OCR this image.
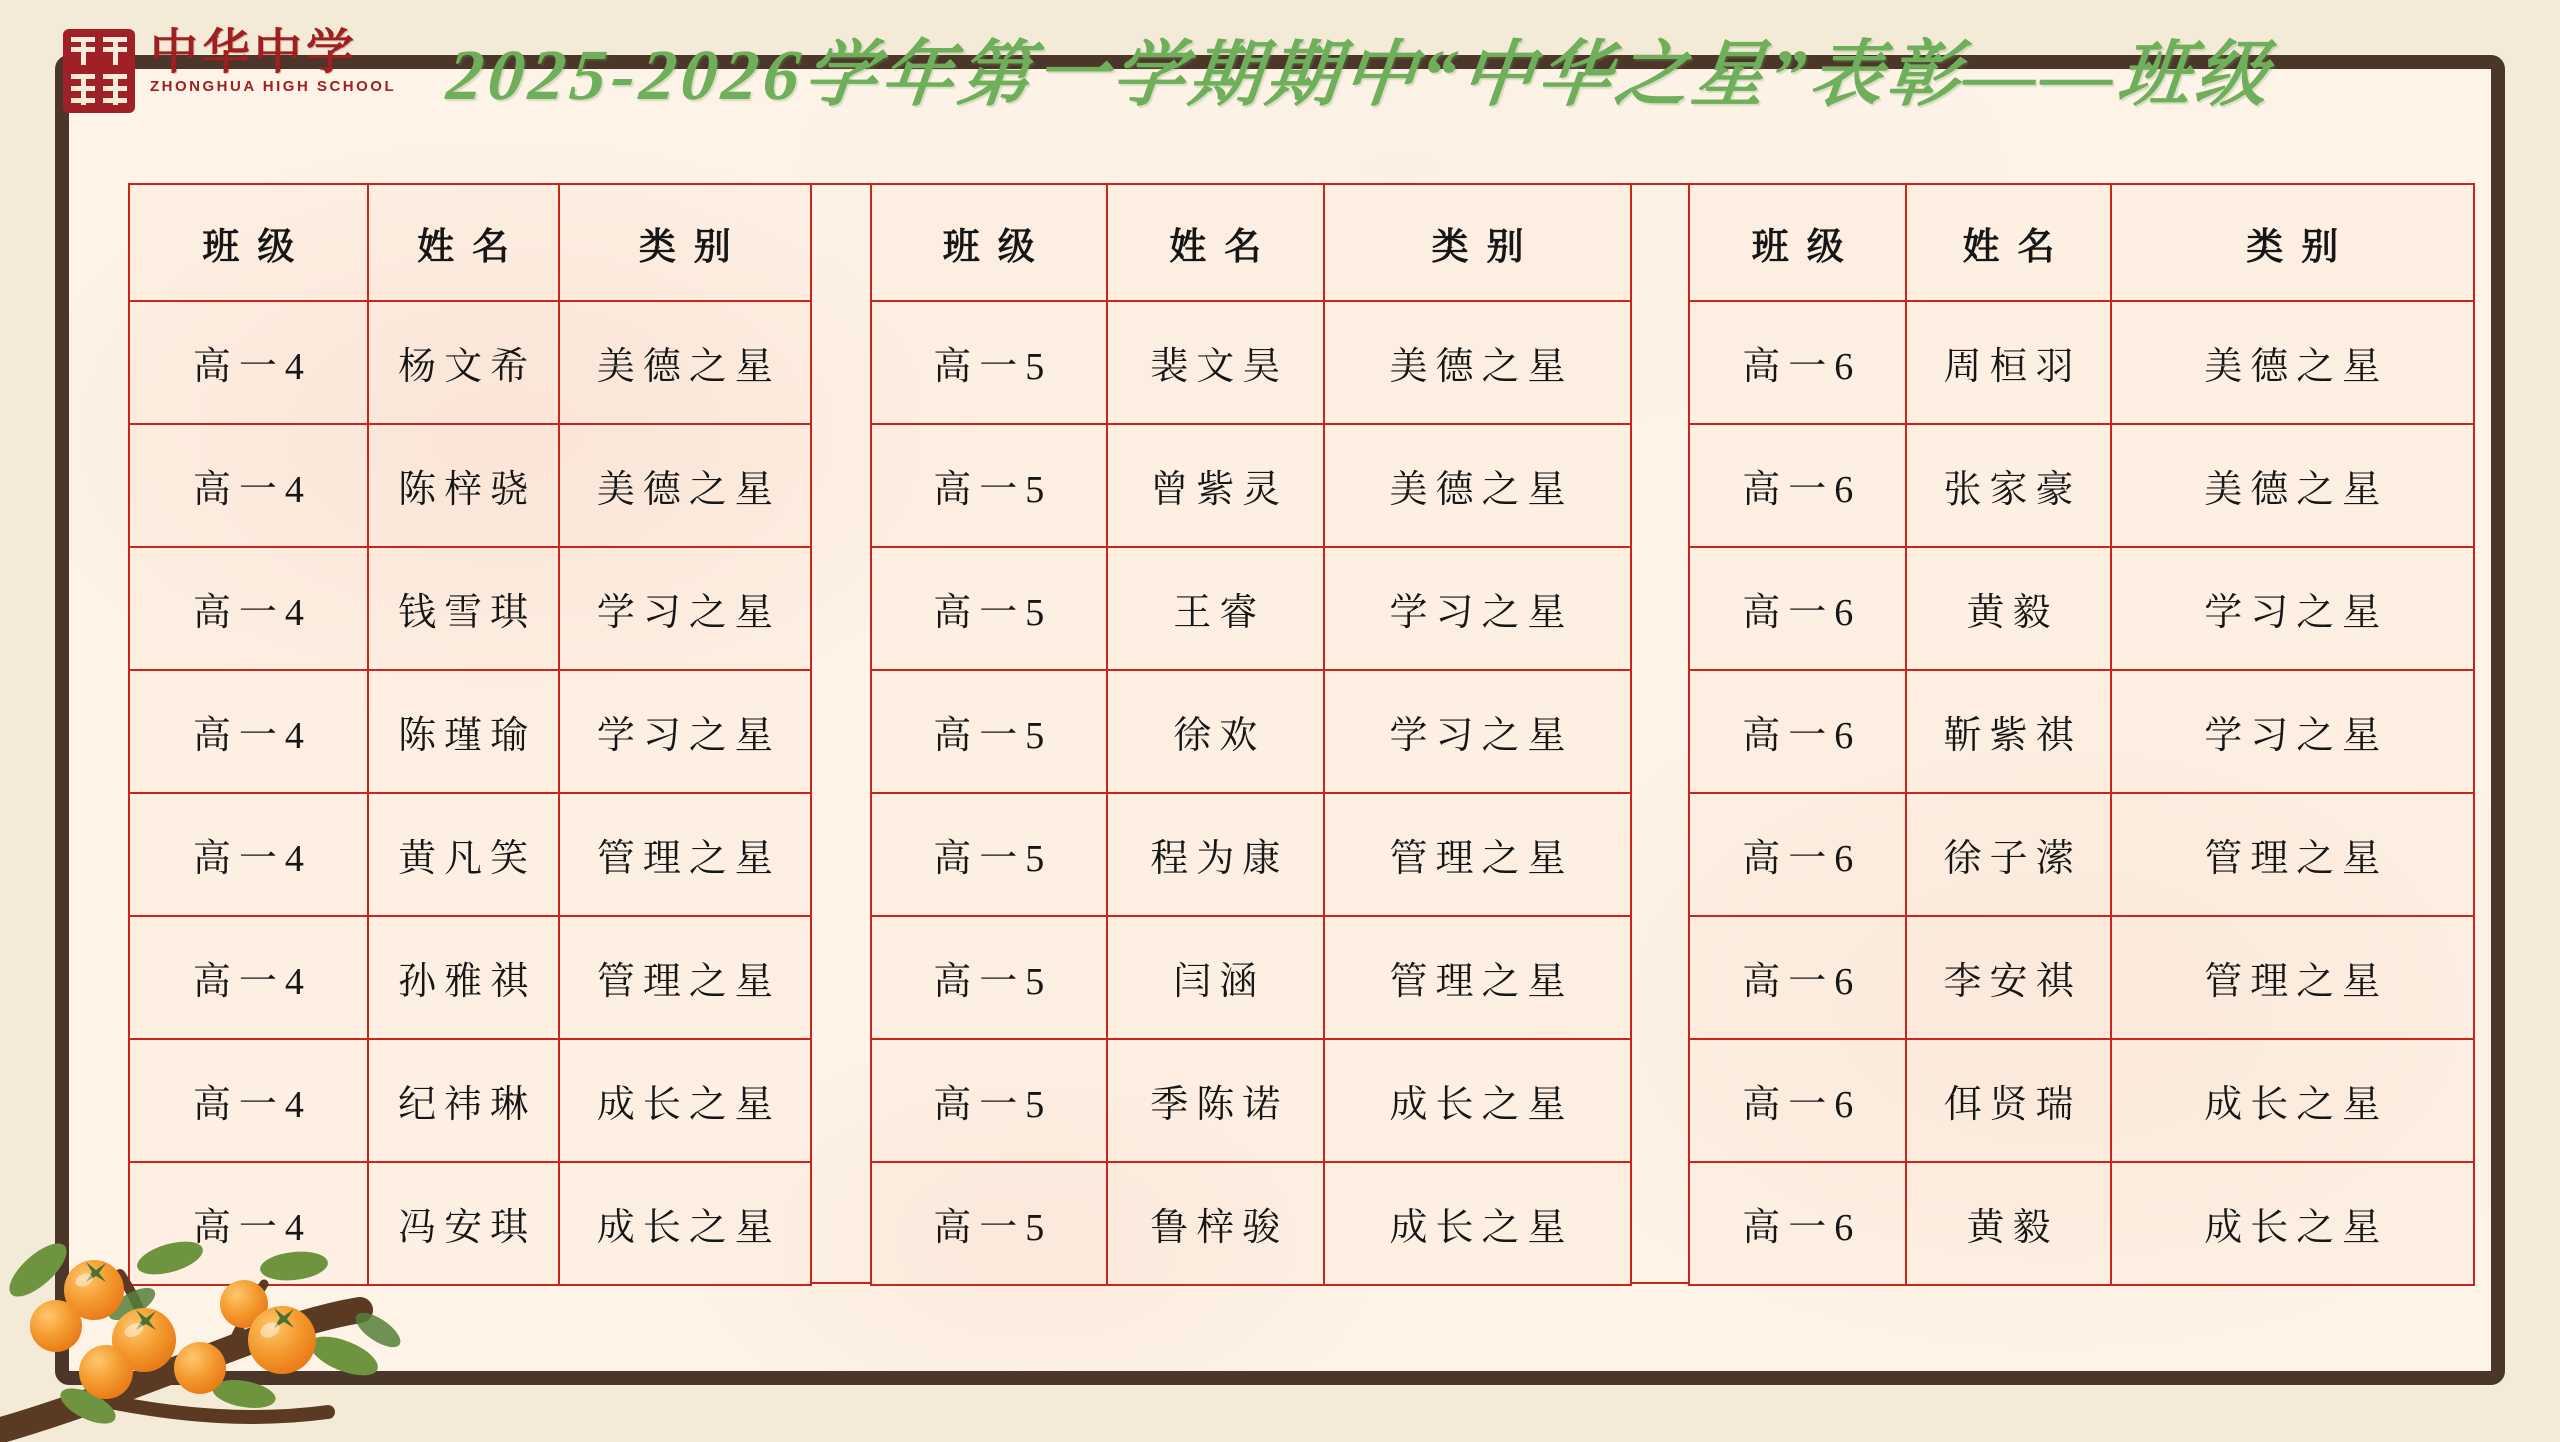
中华中学
ZHONGHUA HIGH SCHOOL 2025-2026学年第一学期期中“中华之星”表彰——班级
班级	姓名	类别
高一4	杨文希	美德之星
高一4	陈梓骁	美德之星
高一4	钱雪琪	学习之星
高一4	陈瑾瑜	学习之星
高一4	黄凡笑	管理之星
高一4	孙雅祺	管理之星
高一4	纪祎琳	成长之星
高一4	冯安琪	成长之星
班级	姓名	类别
高一5	裴文昊	美德之星
高一5	曾紫灵	美德之星
高一5	王睿	学习之星
高一5	徐欢	学习之星
高一5	程为康	管理之星
高一5	闫涵	管理之星
高一5	季陈诺	成长之星
高一5	鲁梓骏	成长之星
班级	姓名	类别
高一6	周桓羽	美德之星
高一6	张家豪	美德之星
高一6	黄毅	学习之星
高一6	靳紫祺	学习之星
高一6	徐子潆	管理之星
高一6	李安祺	管理之星
高一6	佴贤瑞	成长之星
高一6	黄毅	成长之星
